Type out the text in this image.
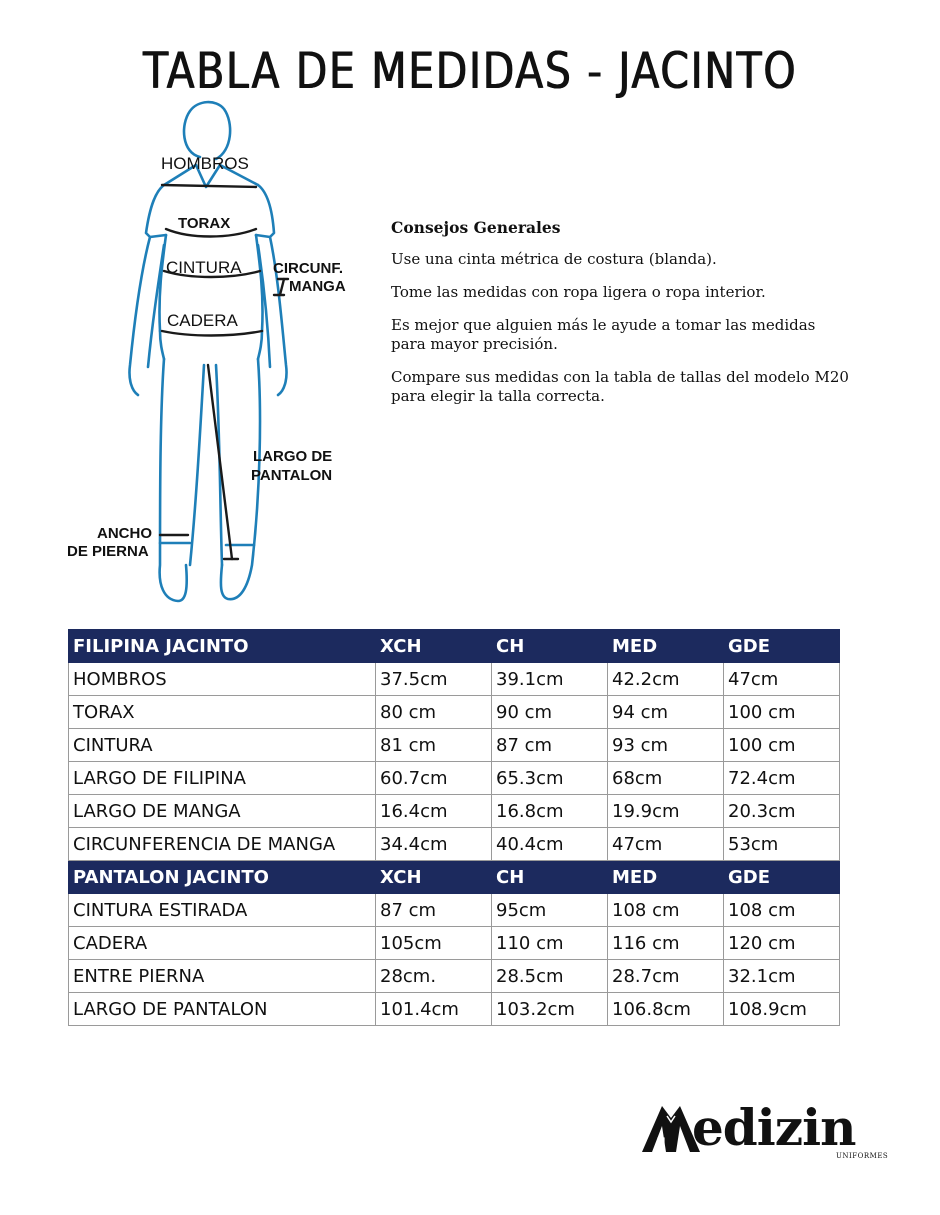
TABLA DE MEDIDAS - JACINTO
HOMBROS
TORAX
CINTURA CIRCUNF.
MANGA
CADERA
LARGO DE
PANTALON
ANCHO
DE PIERNA
Consejos Generales

Use una cinta métrica de costura (blanda).

Tome las medidas con ropa ligera o ropa interior.

Es mejor que alguien más le ayude a tomar las medidas
para mayor precisión.

Compare sus medidas con la tabla de tallas del modelo M20
para elegir la talla correcta.

FILIPINA JACINTO	XCH	CH	MED	GDE
HOMBROS	37.5cm	39.1cm	42.2cm	47cm
TORAX	80 cm	90 cm	94 cm	100 cm
CINTURA	81 cm	87 cm	93 cm	100 cm
LARGO DE FILIPINA	60.7cm	65.3cm	68cm	72.4cm
LARGO DE MANGA	16.4cm	16.8cm	19.9cm	20.3cm
CIRCUNFERENCIA DE MANGA	34.4cm	40.4cm	47cm	53cm
PANTALON JACINTO	XCH	CH	MED	GDE
CINTURA ESTIRADA	87 cm	95cm	108 cm	108 cm
CADERA	105cm	110 cm	116 cm	120 cm
ENTRE PIERNA	28cm.	28.5cm	28.7cm	32.1cm
LARGO DE PANTALON	101.4cm	103.2cm	106.8cm	108.9cm
edizin
UNIFORMES
